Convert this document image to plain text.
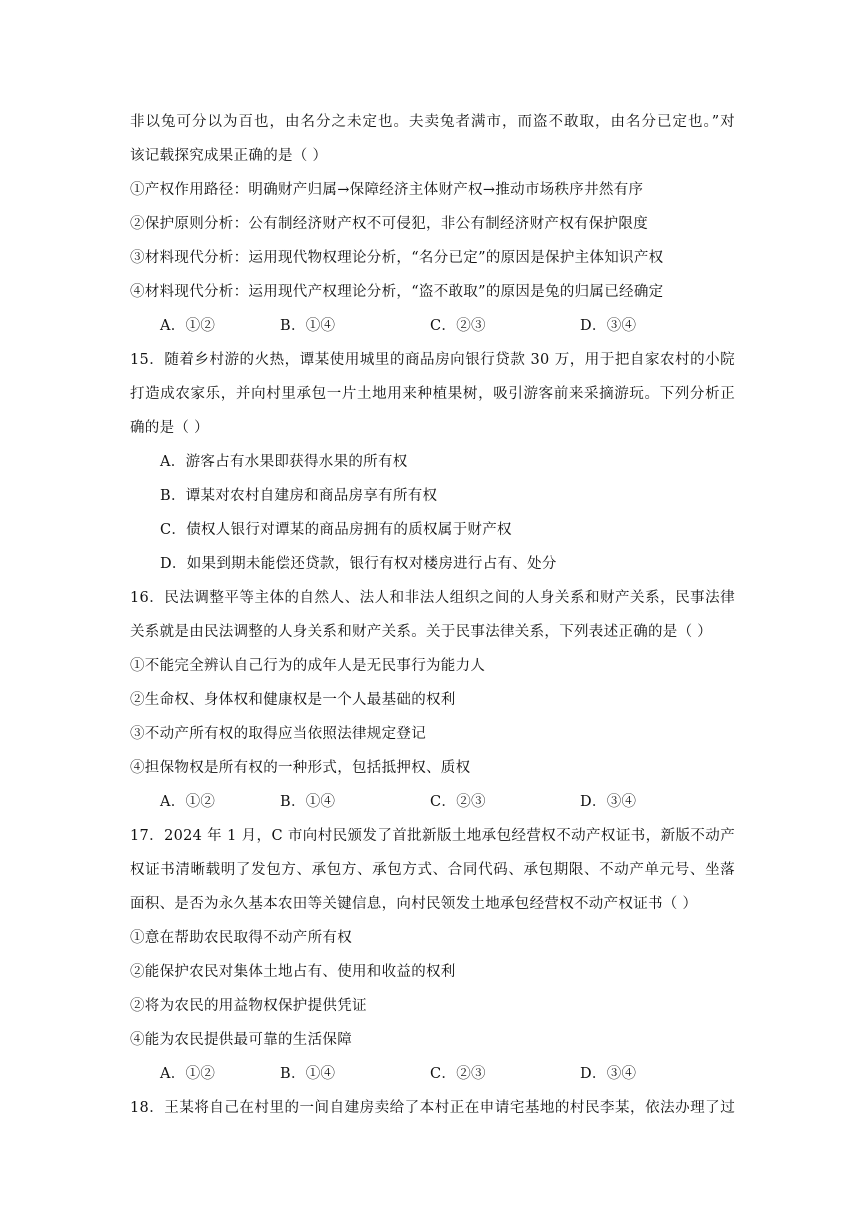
非以兔可分以为百也，由名分之未定也。夫卖兔者满市，而盗不敢取，由名分已定也。”对
该记载探究成果正确的是（ ）
①产权作用路径：明确财产归属→保障经济主体财产权→推动市场秩序井然有序
②保护原则分析：公有制经济财产权不可侵犯，非公有制经济财产权有保护限度
③材料现代分析：运用现代物权理论分析，“名分已定”的原因是保护主体知识产权
④材料现代分析：运用现代产权理论分析，“盗不敢取”的原因是兔的归属已经确定
A．①②	B．①④	C．②③	D．③④
15．随着乡村游的火热，谭某使用城里的商品房向银行贷款 30 万，用于把自家农村的小院
打造成农家乐，并向村里承包一片土地用来种植果树，吸引游客前来采摘游玩。下列分析正
确的是（ ）
A．游客占有水果即获得水果的所有权
B．谭某对农村自建房和商品房享有所有权
C．债权人银行对谭某的商品房拥有的质权属于财产权
D．如果到期未能偿还贷款，银行有权对楼房进行占有、处分
16．民法调整平等主体的自然人、法人和非法人组织之间的人身关系和财产关系，民事法律
关系就是由民法调整的人身关系和财产关系。关于民事法律关系，下列表述正确的是（ ）
①不能完全辨认自己行为的成年人是无民事行为能力人
②生命权、身体权和健康权是一个人最基础的权利
③不动产所有权的取得应当依照法律规定登记
④担保物权是所有权的一种形式，包括抵押权、质权
A．①②	B．①④	C．②③	D．③④
17．2024 年 1 月，C 市向村民颁发了首批新版土地承包经营权不动产权证书，新版不动产
权证书清晰载明了发包方、承包方、承包方式、合同代码、承包期限、不动产单元号、坐落
面积、是否为永久基本农田等关键信息，向村民领发土地承包经营权不动产权证书（ ）
①意在帮助农民取得不动产所有权
②能保护农民对集体土地占有、使用和收益的权利
②将为农民的用益物权保护提供凭证
④能为农民提供最可靠的生活保障
A．①②	B．①④	C．②③	D．③④
18．王某将自己在村里的一间自建房卖给了本村正在申请宅基地的村民李某，依法办理了过
